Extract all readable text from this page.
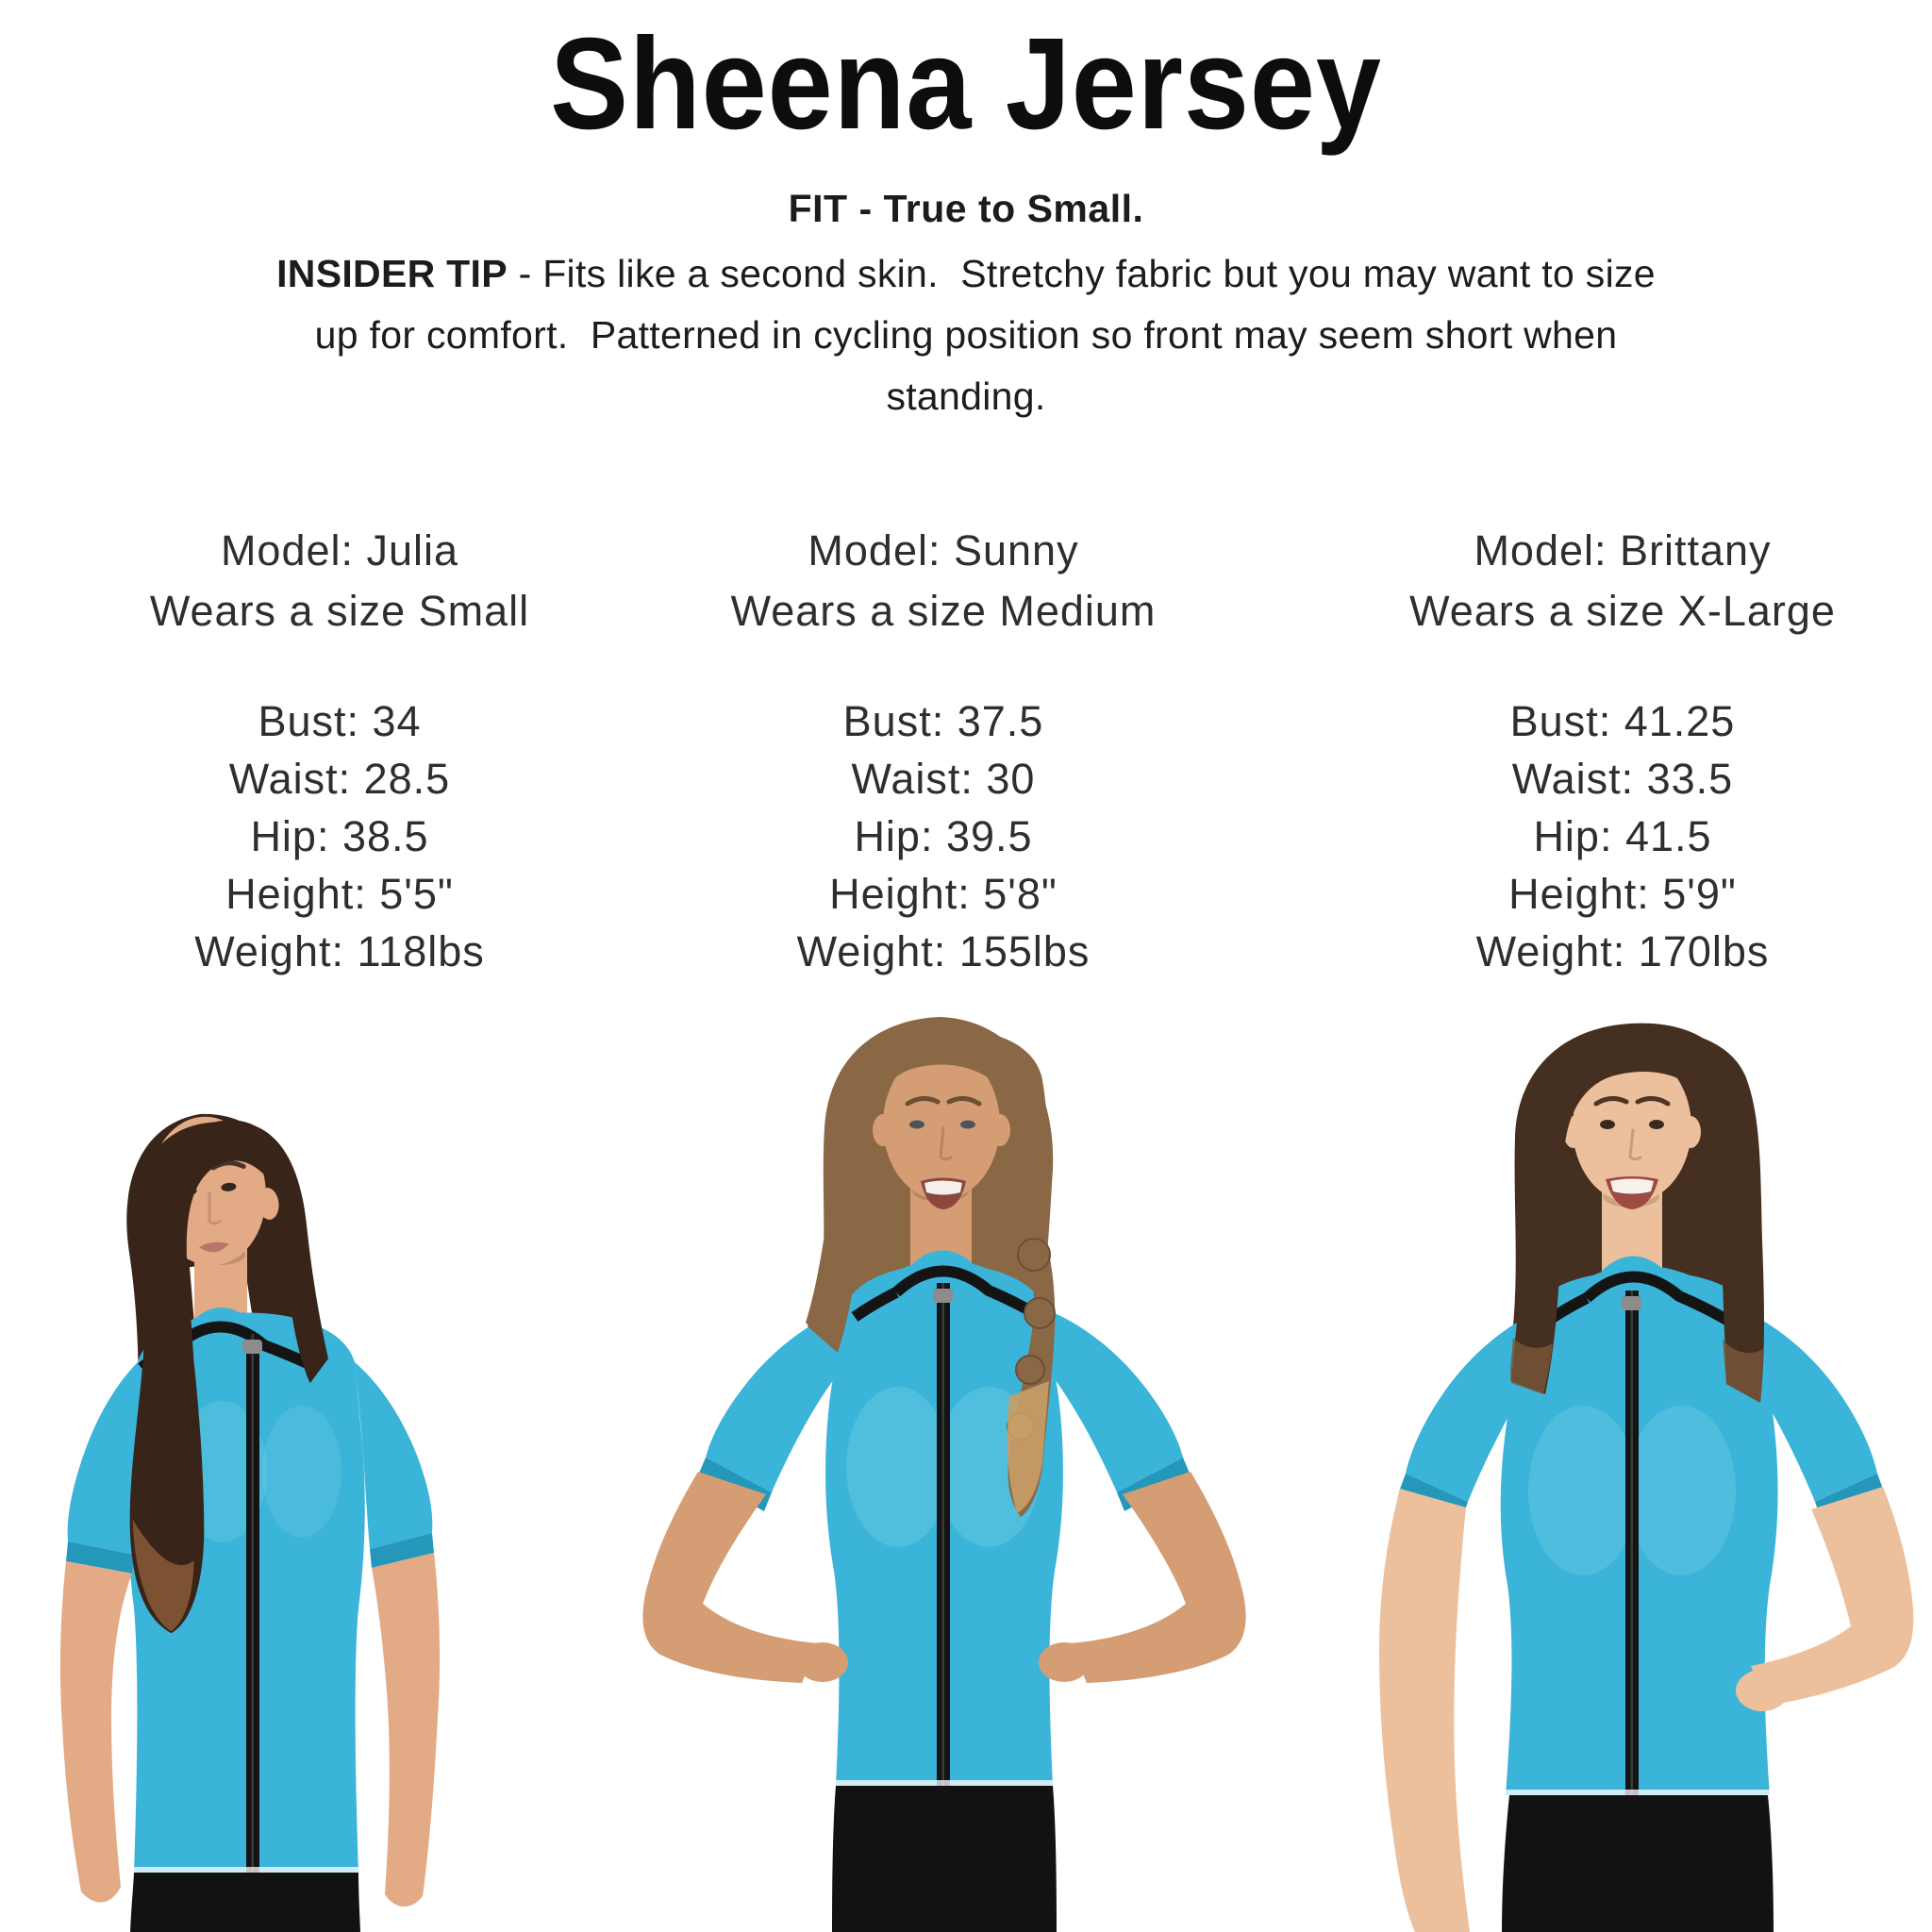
Sheena Jersey
FIT - True to Small.
INSIDER TIP - Fits like a second skin.  Stretchy fabric but you may want to size
up for comfort.  Patterned in cycling position so front may seem short when
standing.
Model: Julia
Wears a size Small
Bust: 34
Waist: 28.5
Hip: 38.5
Height: 5'5"
Weight: 118lbs
Model: Sunny
Wears a size Medium
Bust: 37.5
Waist: 30
Hip: 39.5
Height: 5'8"
Weight: 155lbs
Model: Brittany
Wears a size X-Large
Bust: 41.25
Waist: 33.5
Hip: 41.5
Height: 5'9"
Weight: 170lbs
